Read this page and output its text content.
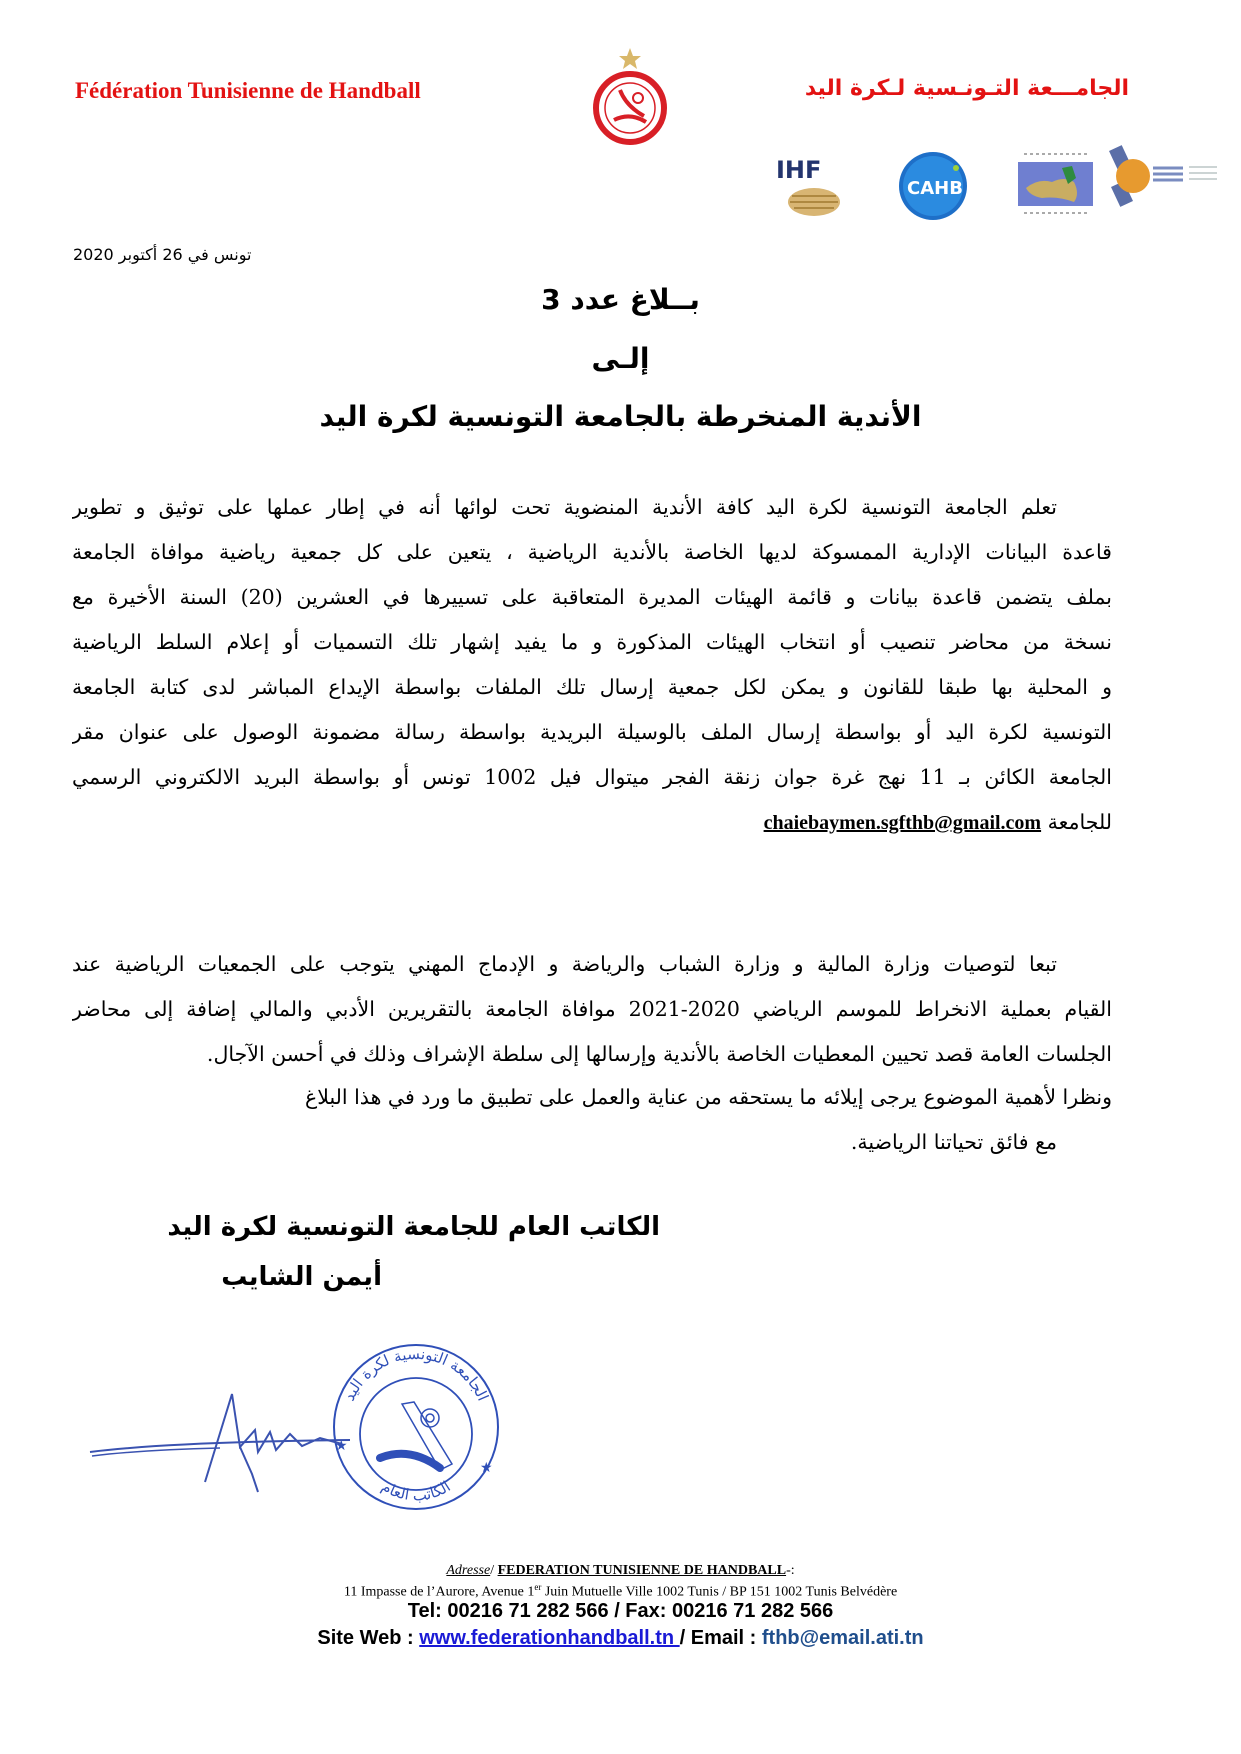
Fédération Tunisienne de Handball	الجامـــعة التـونـسية لـكرة اليد
IHF
CAHB
تونس في 26 أكتوبر 2020
بــلاغ عدد 3
إلـى
الأندية المنخرطة بالجامعة التونسية لكرة اليد
تعلم الجامعة التونسية لكرة اليد كافة الأندية المنضوية تحت لوائها أنه في إطار عملها على توثيق و تطوير
قاعدة البيانات الإدارية الممسوكة لديها الخاصة بالأندية الرياضية ، يتعين على كل جمعية رياضية موافاة الجامعة
بملف يتضمن قاعدة بيانات و قائمة الهيئات المديرة المتعاقبة على تسييرها في العشرين (20) السنة الأخيرة مع
نسخة من محاضر تنصيب أو انتخاب الهيئات المذكورة و ما يفيد إشهار تلك التسميات أو إعلام السلط الرياضية
و المحلية بها طبقا للقانون و يمكن لكل جمعية إرسال تلك الملفات بواسطة الإيداع المباشر لدى كتابة الجامعة
التونسية لكرة اليد أو بواسطة إرسال الملف بالوسيلة البريدية بواسطة رسالة مضمونة الوصول على عنوان مقر
الجامعة الكائن بـ 11 نهج غرة جوان زنقة الفجر ميتوال فيل 1002 تونس أو بواسطة البريد الالكتروني الرسمي
للجامعة chaiebaymen.sgfthb@gmail.com
تبعا لتوصيات وزارة المالية و وزارة الشباب والرياضة و الإدماج المهني يتوجب على الجمعيات الرياضية عند
القيام بعملية الانخراط للموسم الرياضي 2020-2021 موافاة الجامعة بالتقريرين الأدبي والمالي إضافة إلى محاضر
الجلسات العامة قصد تحيين المعطيات الخاصة بالأندية وإرسالها إلى سلطة الإشراف وذلك في أحسن الآجال.
ونظرا لأهمية الموضوع يرجى إيلائه ما يستحقه من عناية والعمل على تطبيق ما ورد في هذا البلاغ
مع فائق تحياتنا الرياضية.
الكاتب العام للجامعة التونسية لكرة اليد
أيمن الشايب
الجامعة التونسية لكرة اليد
الكاتب العام
★
★
Adresse/ FEDERATION TUNISIENNE DE HANDBALL-:
11 Impasse de l’Aurore, Avenue 1er Juin Mutuelle Ville 1002 Tunis / BP 151 1002 Tunis Belvédère
Tel: 00216 71 282 566 / Fax: 00216 71 282 566
Site Web : www.federationhandball.tn / Email : fthb@email.ati.tn
